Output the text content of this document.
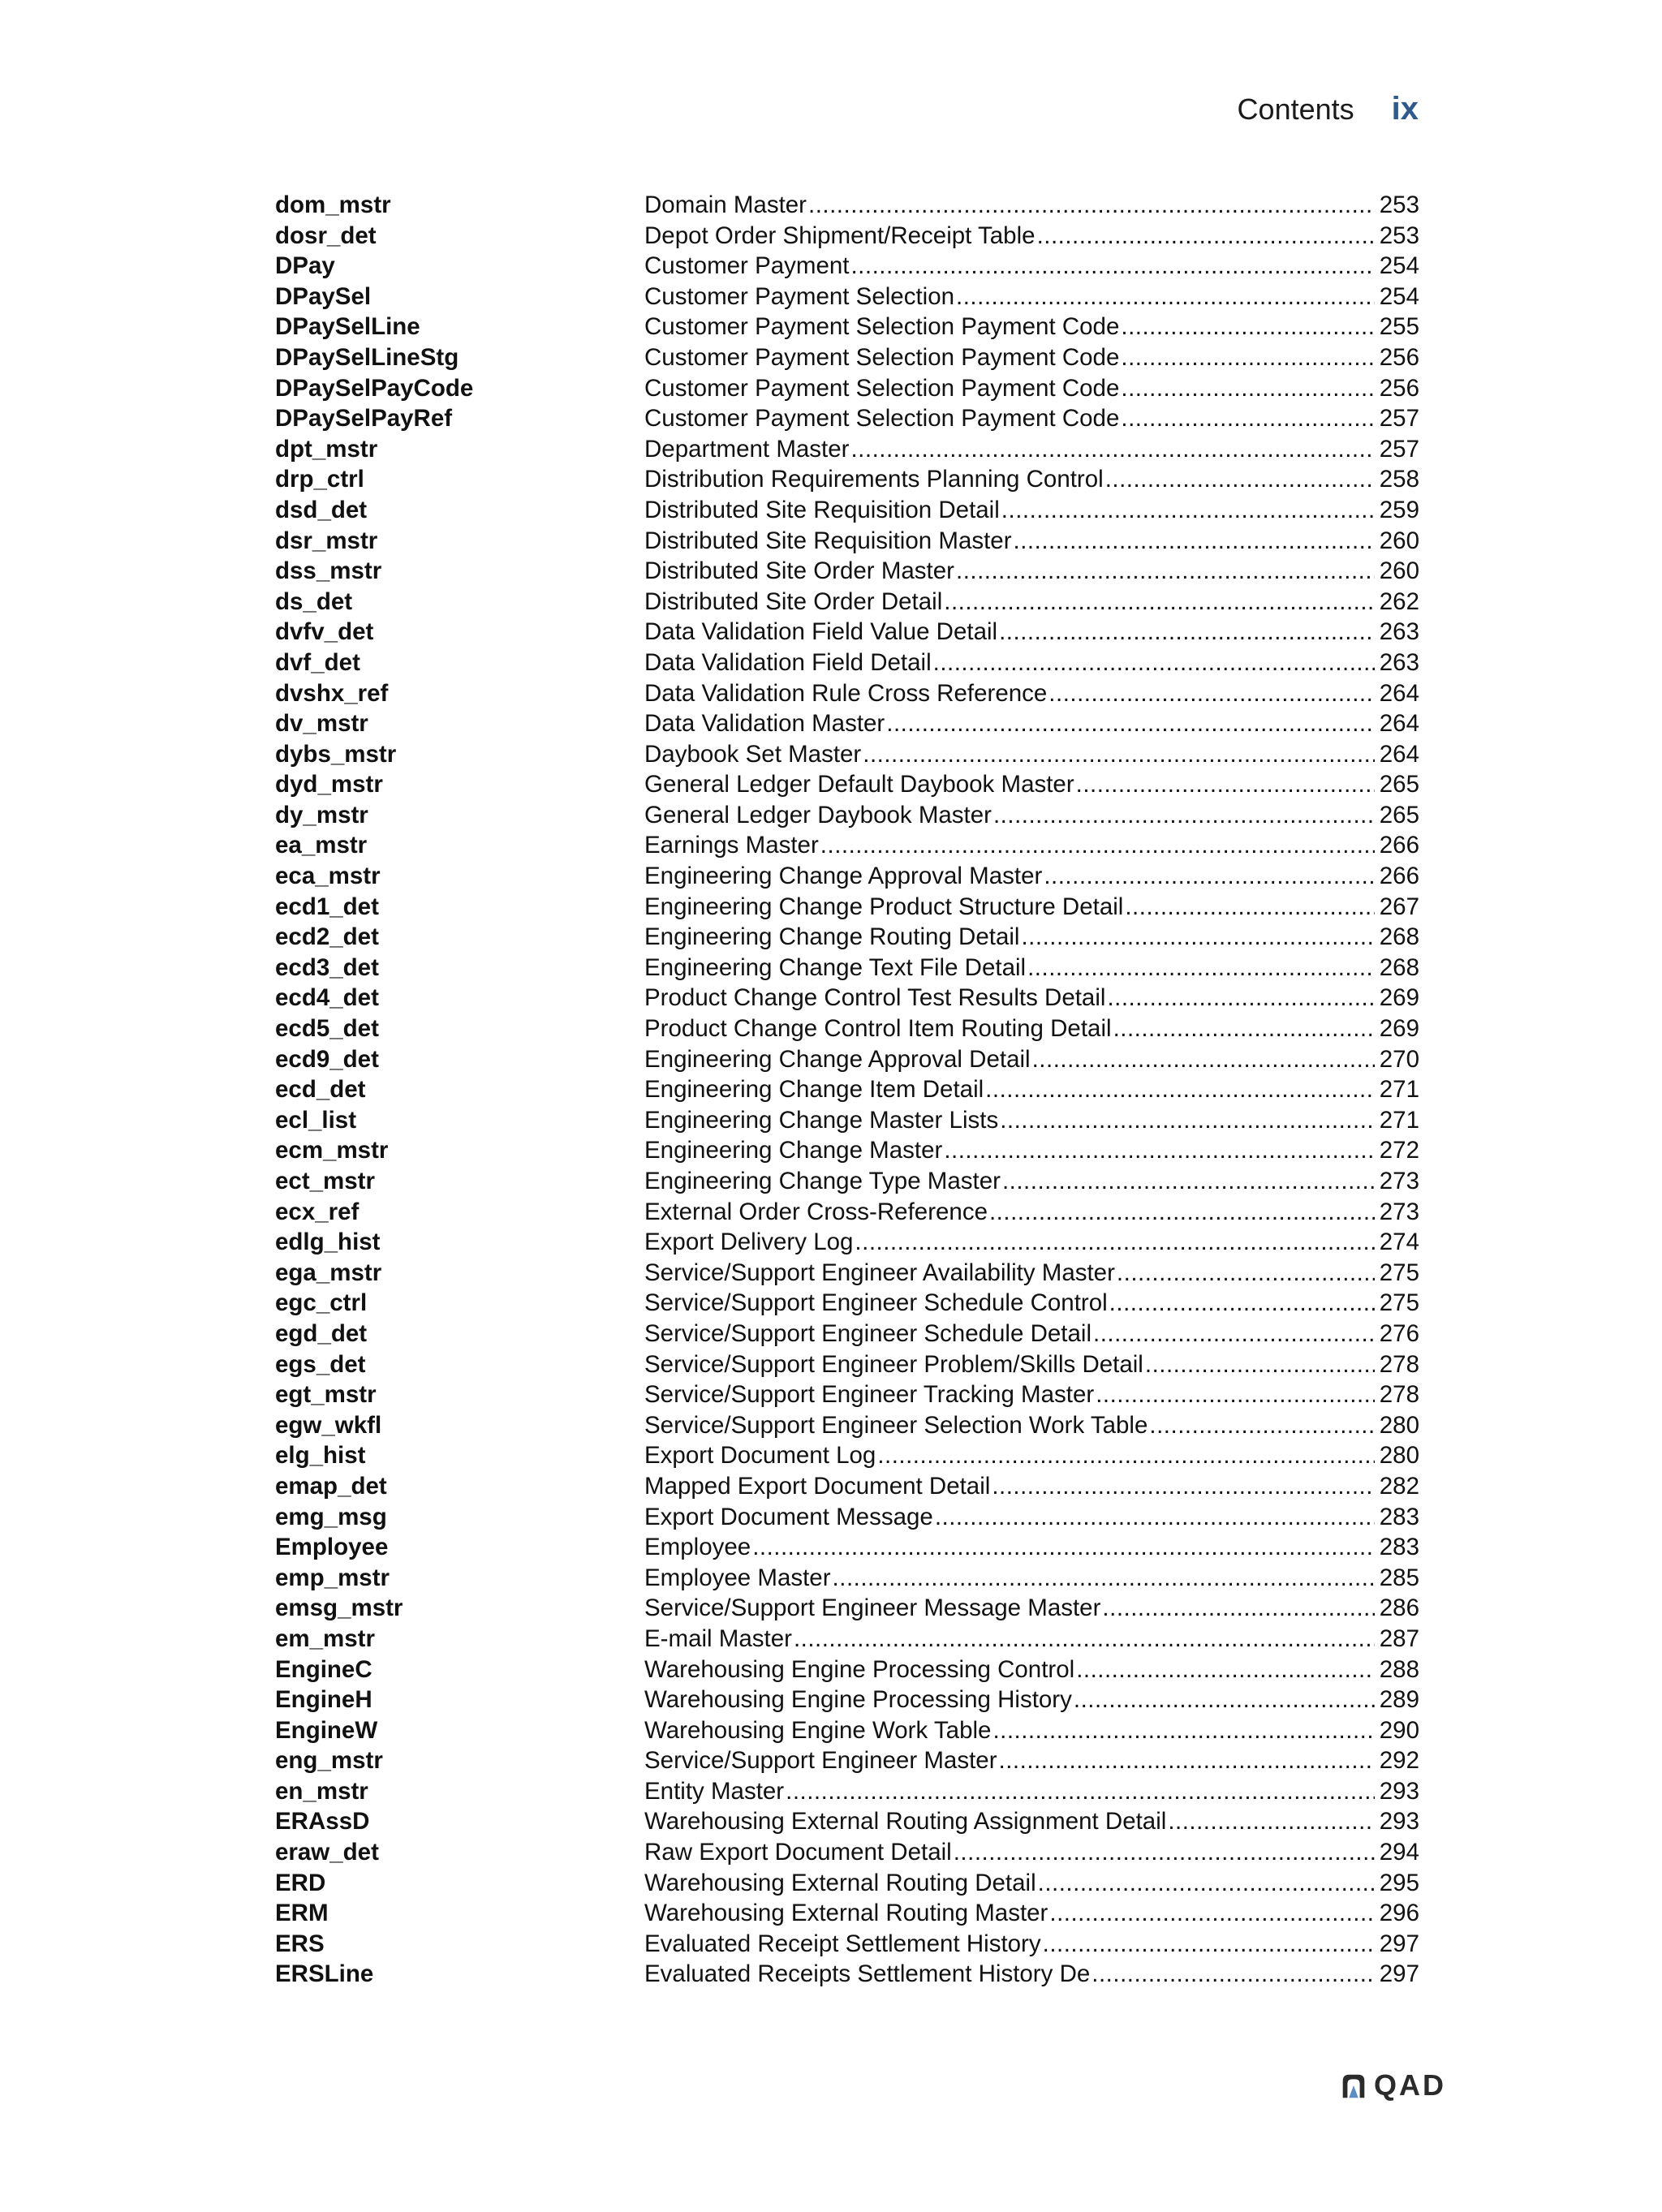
Contents ix
dom_mstr	Domain Master .....	253
dosr_det	Depot Order Shipment/Receipt Table .....	253
DPay	Customer Payment .....	254
DPaySel	Customer Payment Selection .....	254
DPaySelLine	Customer Payment Selection Payment Code .....	255
DPaySelLineStg	Customer Payment Selection Payment Code .....	256
DPaySelPayCode	Customer Payment Selection Payment Code .....	256
DPaySelPayRef	Customer Payment Selection Payment Code .....	257
dpt_mstr	Department Master .....	257
drp_ctrl	Distribution Requirements Planning Control .....	258
dsd_det	Distributed Site Requisition Detail .....	259
dsr_mstr	Distributed Site Requisition Master .....	260
dss_mstr	Distributed Site Order Master .....	260
ds_det	Distributed Site Order Detail .....	262
dvfv_det	Data Validation Field Value Detail .....	263
dvf_det	Data Validation Field Detail .....	263
dvshx_ref	Data Validation Rule Cross Reference .....	264
dv_mstr	Data Validation Master .....	264
dybs_mstr	Daybook Set Master .....	264
dyd_mstr	General Ledger Default Daybook Master .....	265
dy_mstr	General Ledger Daybook Master .....	265
ea_mstr	Earnings Master .....	266
eca_mstr	Engineering Change Approval Master .....	266
ecd1_det	Engineering Change Product Structure Detail .....	267
ecd2_det	Engineering Change Routing Detail .....	268
ecd3_det	Engineering Change Text File Detail .....	268
ecd4_det	Product Change Control Test Results Detail .....	269
ecd5_det	Product Change Control Item Routing Detail .....	269
ecd9_det	Engineering Change Approval Detail .....	270
ecd_det	Engineering Change Item Detail .....	271
ecl_list	Engineering Change Master Lists .....	271
ecm_mstr	Engineering Change Master .....	272
ect_mstr	Engineering Change Type Master .....	273
ecx_ref	External Order Cross-Reference .....	273
edlg_hist	Export Delivery Log .....	274
ega_mstr	Service/Support Engineer Availability Master .....	275
egc_ctrl	Service/Support Engineer Schedule Control .....	275
egd_det	Service/Support Engineer Schedule Detail .....	276
egs_det	Service/Support Engineer Problem/Skills Detail .....	278
egt_mstr	Service/Support Engineer Tracking Master .....	278
egw_wkfl	Service/Support Engineer Selection Work Table .....	280
elg_hist	Export Document Log .....	280
emap_det	Mapped Export Document Detail .....	282
emg_msg	Export Document Message .....	283
Employee	Employee .....	283
emp_mstr	Employee Master .....	285
emsg_mstr	Service/Support Engineer Message Master .....	286
em_mstr	E-mail Master .....	287
EngineC	Warehousing Engine Processing Control .....	288
EngineH	Warehousing Engine Processing History .....	289
EngineW	Warehousing Engine Work Table .....	290
eng_mstr	Service/Support Engineer Master .....	292
en_mstr	Entity Master .....	293
ERAssD	Warehousing External Routing Assignment Detail .....	293
eraw_det	Raw Export Document Detail .....	294
ERD	Warehousing External Routing Detail .....	295
ERM	Warehousing External Routing Master .....	296
ERS	Evaluated Receipt Settlement History .....	297
ERSLine	Evaluated Receipts Settlement History De .....	297
QAD
